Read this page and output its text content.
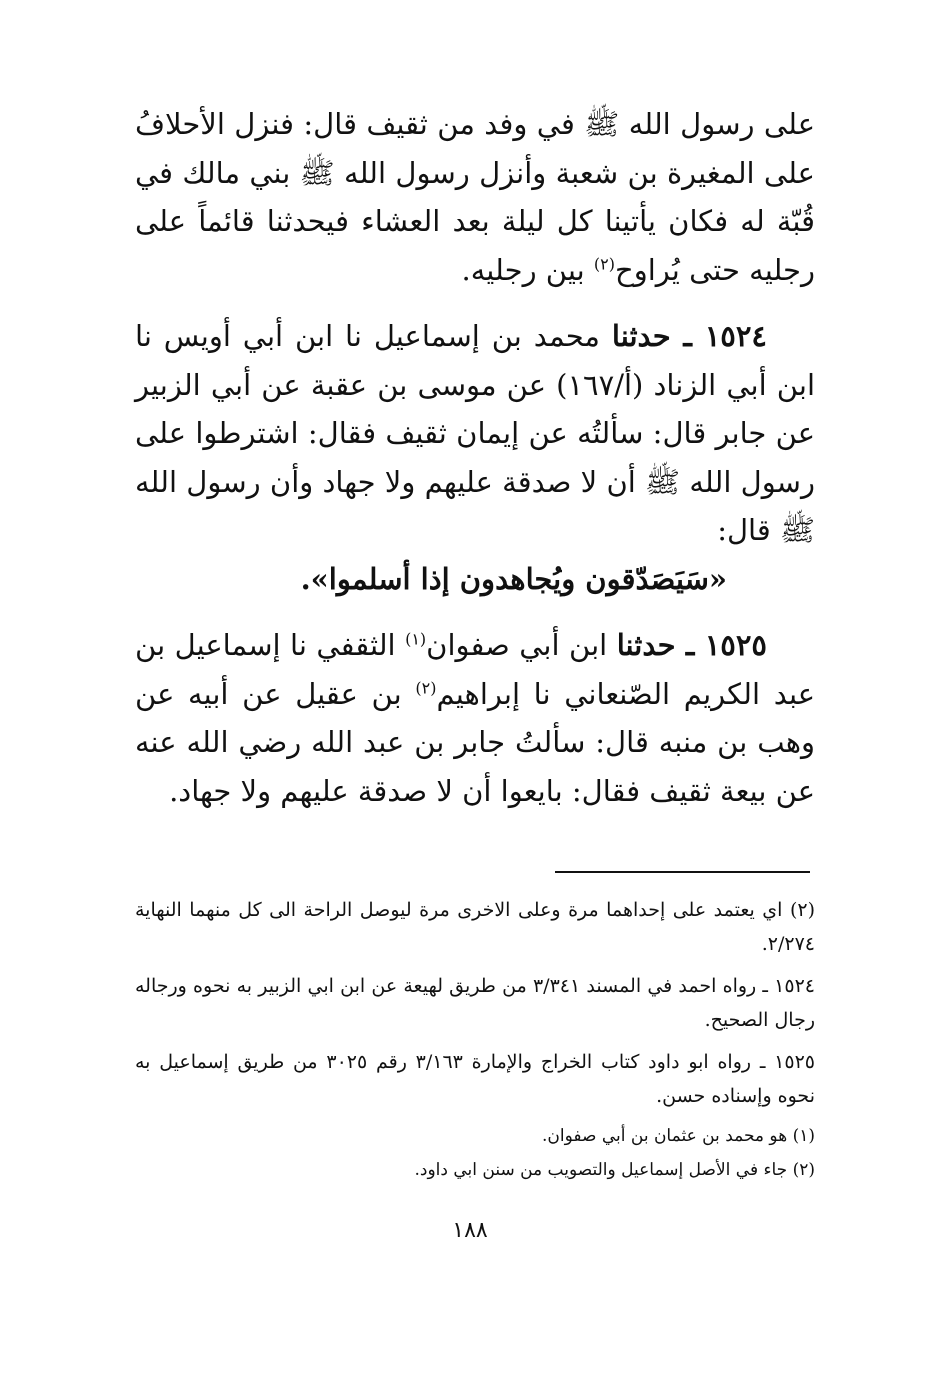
على رسول الله ﷺ في وفد من ثقيف قال: فنزل الأحلافُ على المغيرة بن شعبة وأنزل رسول الله ﷺ بني مالك في قُبّة له فكان يأتينا كل ليلة بعد العشاء فيحدثنا قائماً على رجليه حتى يُراوح$^{(٢)}$ بين رجليه.

١٥٢٤ ـ حدثنا محمد بن إسماعيل نا ابن أبي أويس نا ابن أبي الزناد (أ/١٦٧) عن موسى بن عقبة عن أبي الزبير عن جابر قال: سألتُه عن إيمان ثقيف فقال: اشترطوا على رسول الله ﷺ أن لا صدقة عليهم ولا جهاد وأن رسول الله ﷺ قال:
«سَيَصَدّقون ويُجاهدون إذا أسلموا».

١٥٢٥ ـ حدثنا ابن أبي صفوان$^{(١)}$ الثقفي نا إسماعيل بن عبد الكريم الصّنعاني نا إبراهيم$^{(٢)}$ بن عقيل عن أبيه عن وهب بن منبه قال: سألتُ جابر بن عبد الله رضي الله عنه عن بيعة ثقيف فقال: بايعوا أن لا صدقة عليهم ولا جهاد.

(٢) اي يعتمد على إحداهما مرة وعلى الاخرى مرة ليوصل الراحة الى كل منهما النهاية ٢/٢٧٤.

١٥٢٤ ـ رواه احمد في المسند ٣/٣٤١ من طريق لهيعة عن ابن ابي الزبير به نحوه ورجاله رجال الصحيح.

١٥٢٥ ـ رواه ابو داود كتاب الخراج والإمارة ٣/١٦٣ رقم ٣٠٢٥ من طريق إسماعيل به نحوه وإسناده حسن.

(١) هو محمد بن عثمان بن أبي صفوان.

(٢) جاء في الأصل إسماعيل والتصويب من سنن ابي داود.

١٨٨
